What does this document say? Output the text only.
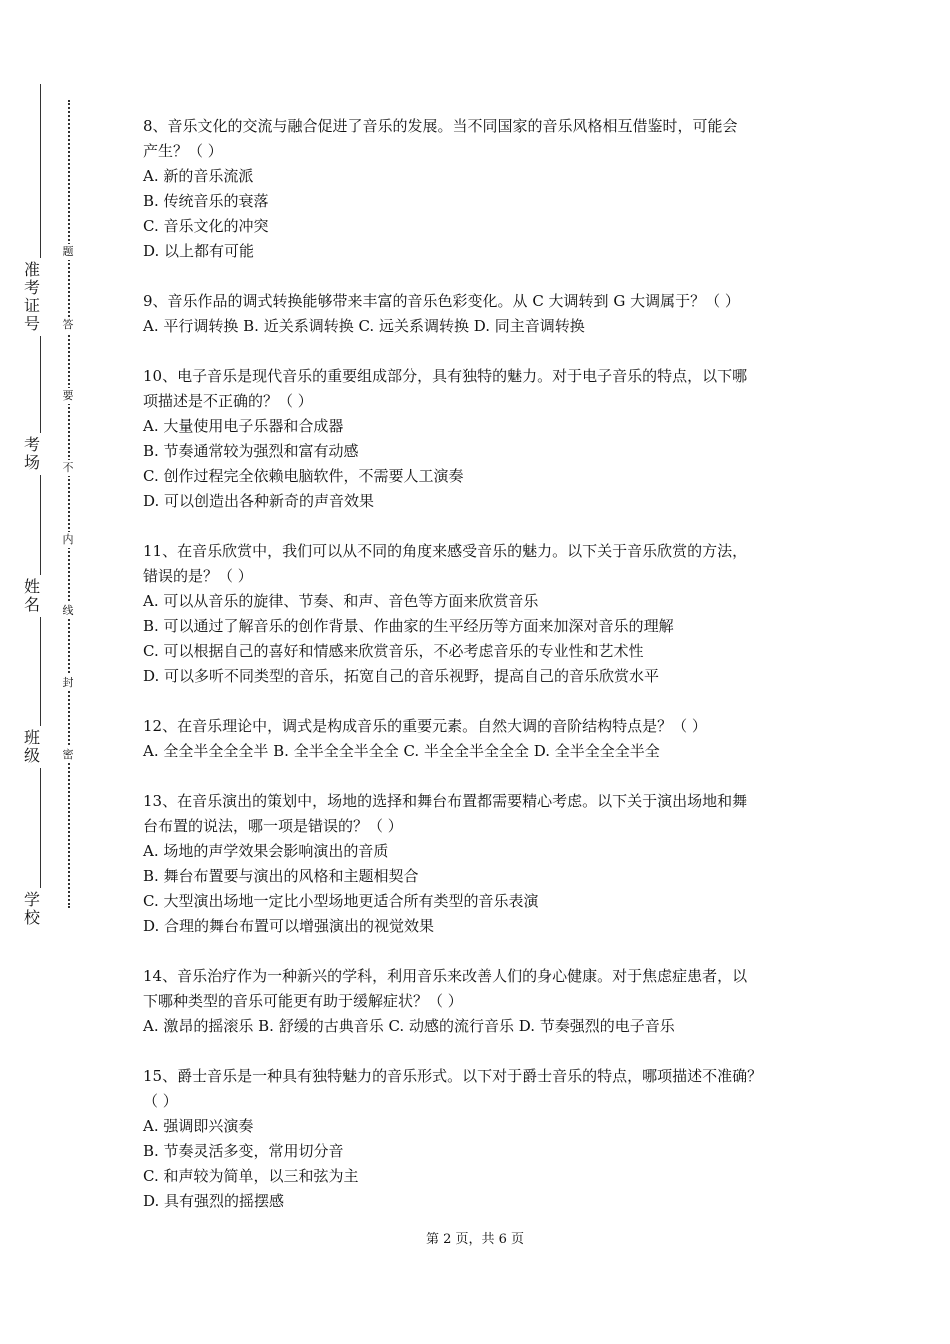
准考证号
考场
姓名
班级
学校
题
答
要
不
内
线
封
密

8、音乐文化的交流与融合促进了音乐的发展。当不同国家的音乐风格相互借鉴时，可能会

产生？（ ）

A. 新的音乐流派

B. 传统音乐的衰落

C. 音乐文化的冲突

D. 以上都有可能

9、音乐作品的调式转换能够带来丰富的音乐色彩变化。从 C 大调转到 G 大调属于？（ ）

A. 平行调转换 B. 近关系调转换 C. 远关系调转换 D. 同主音调转换

10、电子音乐是现代音乐的重要组成部分，具有独特的魅力。对于电子音乐的特点，以下哪

项描述是不正确的？（ ）

A. 大量使用电子乐器和合成器

B. 节奏通常较为强烈和富有动感

C. 创作过程完全依赖电脑软件，不需要人工演奏

D. 可以创造出各种新奇的声音效果

11、在音乐欣赏中，我们可以从不同的角度来感受音乐的魅力。以下关于音乐欣赏的方法，

错误的是？（ ）

A. 可以从音乐的旋律、节奏、和声、音色等方面来欣赏音乐

B. 可以通过了解音乐的创作背景、作曲家的生平经历等方面来加深对音乐的理解

C. 可以根据自己的喜好和情感来欣赏音乐，不必考虑音乐的专业性和艺术性

D. 可以多听不同类型的音乐，拓宽自己的音乐视野，提高自己的音乐欣赏水平

12、在音乐理论中，调式是构成音乐的重要元素。自然大调的音阶结构特点是？（ ）

A. 全全半全全全半 B. 全半全全半全全 C. 半全全半全全全 D. 全半全全全半全

13、在音乐演出的策划中，场地的选择和舞台布置都需要精心考虑。以下关于演出场地和舞

台布置的说法，哪一项是错误的？（ ）

A. 场地的声学效果会影响演出的音质

B. 舞台布置要与演出的风格和主题相契合

C. 大型演出场地一定比小型场地更适合所有类型的音乐表演

D. 合理的舞台布置可以增强演出的视觉效果

14、音乐治疗作为一种新兴的学科，利用音乐来改善人们的身心健康。对于焦虑症患者，以

下哪种类型的音乐可能更有助于缓解症状？（ ）

A. 激昂的摇滚乐 B. 舒缓的古典音乐 C. 动感的流行音乐 D. 节奏强烈的电子音乐

15、爵士音乐是一种具有独特魅力的音乐形式。以下对于爵士音乐的特点，哪项描述不准确？

（ ）

A. 强调即兴演奏

B. 节奏灵活多变，常用切分音

C. 和声较为简单，以三和弦为主

D. 具有强烈的摇摆感

第 2 页，共 6 页
